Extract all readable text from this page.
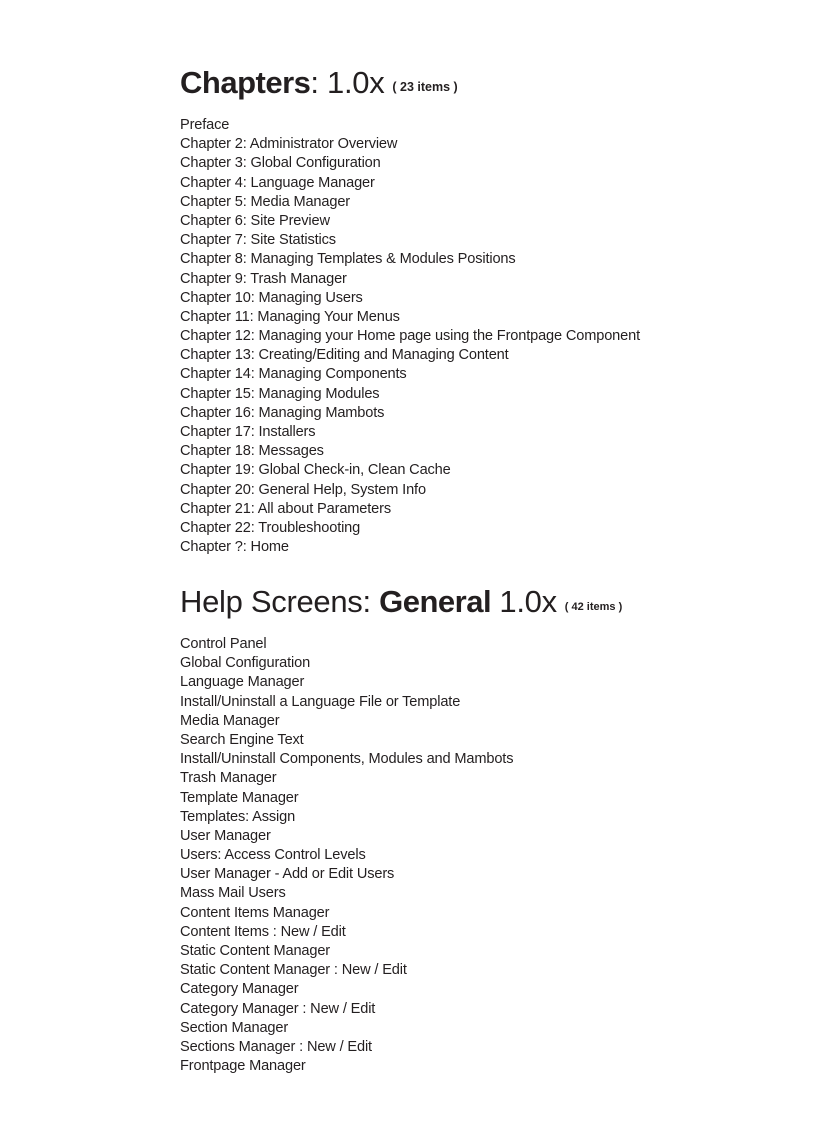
Chapters: 1.0x ( 23 items )
Preface
Chapter 2: Administrator Overview
Chapter 3: Global Configuration
Chapter 4: Language Manager
Chapter 5: Media Manager
Chapter 6: Site Preview
Chapter 7: Site Statistics
Chapter 8: Managing Templates & Modules Positions
Chapter 9: Trash Manager
Chapter 10: Managing Users
Chapter 11: Managing Your Menus
Chapter 12: Managing your Home page using the Frontpage Component
Chapter 13: Creating/Editing and Managing Content
Chapter 14: Managing Components
Chapter 15: Managing Modules
Chapter 16: Managing Mambots
Chapter 17: Installers
Chapter 18: Messages
Chapter 19: Global Check-in, Clean Cache
Chapter 20: General Help, System Info
Chapter 21: All about Parameters
Chapter 22: Troubleshooting
Chapter ?: Home
Help Screens: General 1.0x ( 42 items )
Control Panel
Global Configuration
Language Manager
Install/Uninstall a Language File or Template
Media Manager
Search Engine Text
Install/Uninstall Components, Modules and Mambots
Trash Manager
Template Manager
Templates: Assign
User Manager
Users: Access Control Levels
User Manager - Add or Edit Users
Mass Mail Users
Content Items Manager
Content Items : New / Edit
Static Content Manager
Static Content Manager : New / Edit
Category Manager
Category Manager : New / Edit
Section Manager
Sections Manager : New / Edit
Frontpage Manager
